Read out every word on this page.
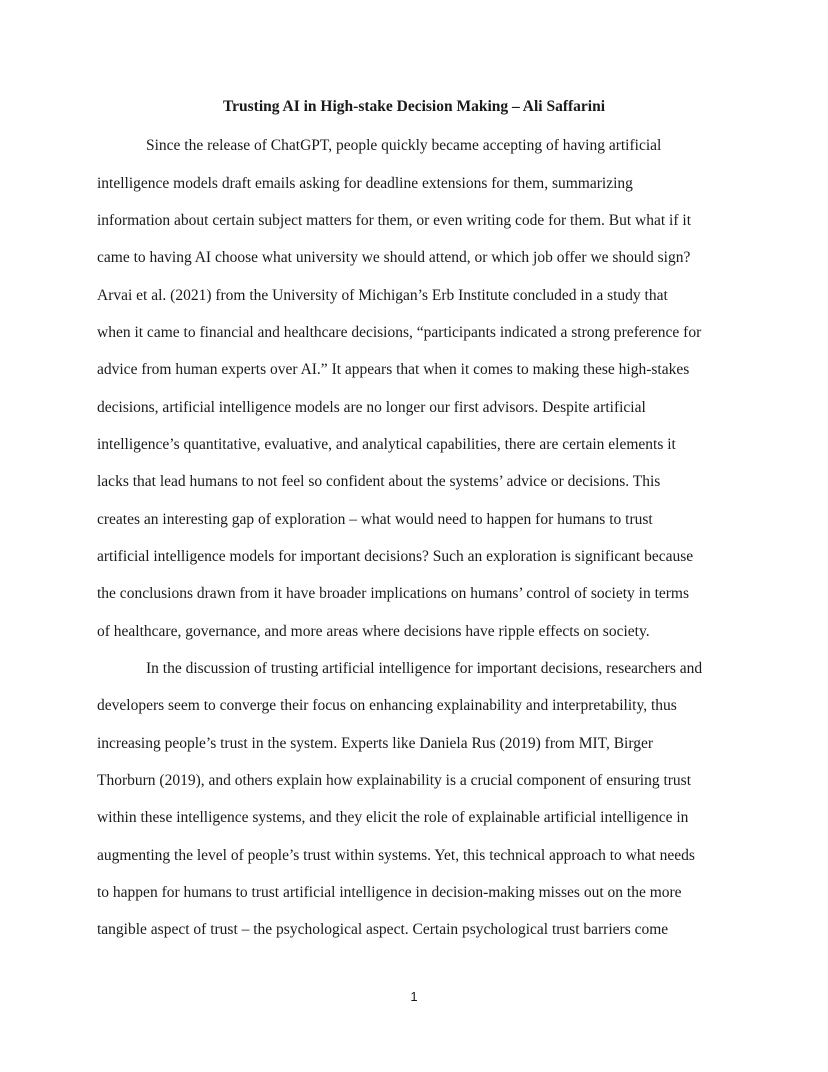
Trusting AI in High-stake Decision Making – Ali Saffarini
Since the release of ChatGPT, people quickly became accepting of having artificial
intelligence models draft emails asking for deadline extensions for them, summarizing
information about certain subject matters for them, or even writing code for them. But what if it
came to having AI choose what university we should attend, or which job offer we should sign?
Arvai et al. (2021) from the University of Michigan’s Erb Institute concluded in a study that
when it came to financial and healthcare decisions, “participants indicated a strong preference for
advice from human experts over AI.” It appears that when it comes to making these high-stakes
decisions, artificial intelligence models are no longer our first advisors. Despite artificial
intelligence’s quantitative, evaluative, and analytical capabilities, there are certain elements it
lacks that lead humans to not feel so confident about the systems’ advice or decisions. This
creates an interesting gap of exploration – what would need to happen for humans to trust
artificial intelligence models for important decisions? Such an exploration is significant because
the conclusions drawn from it have broader implications on humans’ control of society in terms
of healthcare, governance, and more areas where decisions have ripple effects on society.
In the discussion of trusting artificial intelligence for important decisions, researchers and
developers seem to converge their focus on enhancing explainability and interpretability, thus
increasing people’s trust in the system. Experts like Daniela Rus (2019) from MIT, Birger
Thorburn (2019), and others explain how explainability is a crucial component of ensuring trust
within these intelligence systems, and they elicit the role of explainable artificial intelligence in
augmenting the level of people’s trust within systems. Yet, this technical approach to what needs
to happen for humans to trust artificial intelligence in decision-making misses out on the more
tangible aspect of trust – the psychological aspect. Certain psychological trust barriers come
1
